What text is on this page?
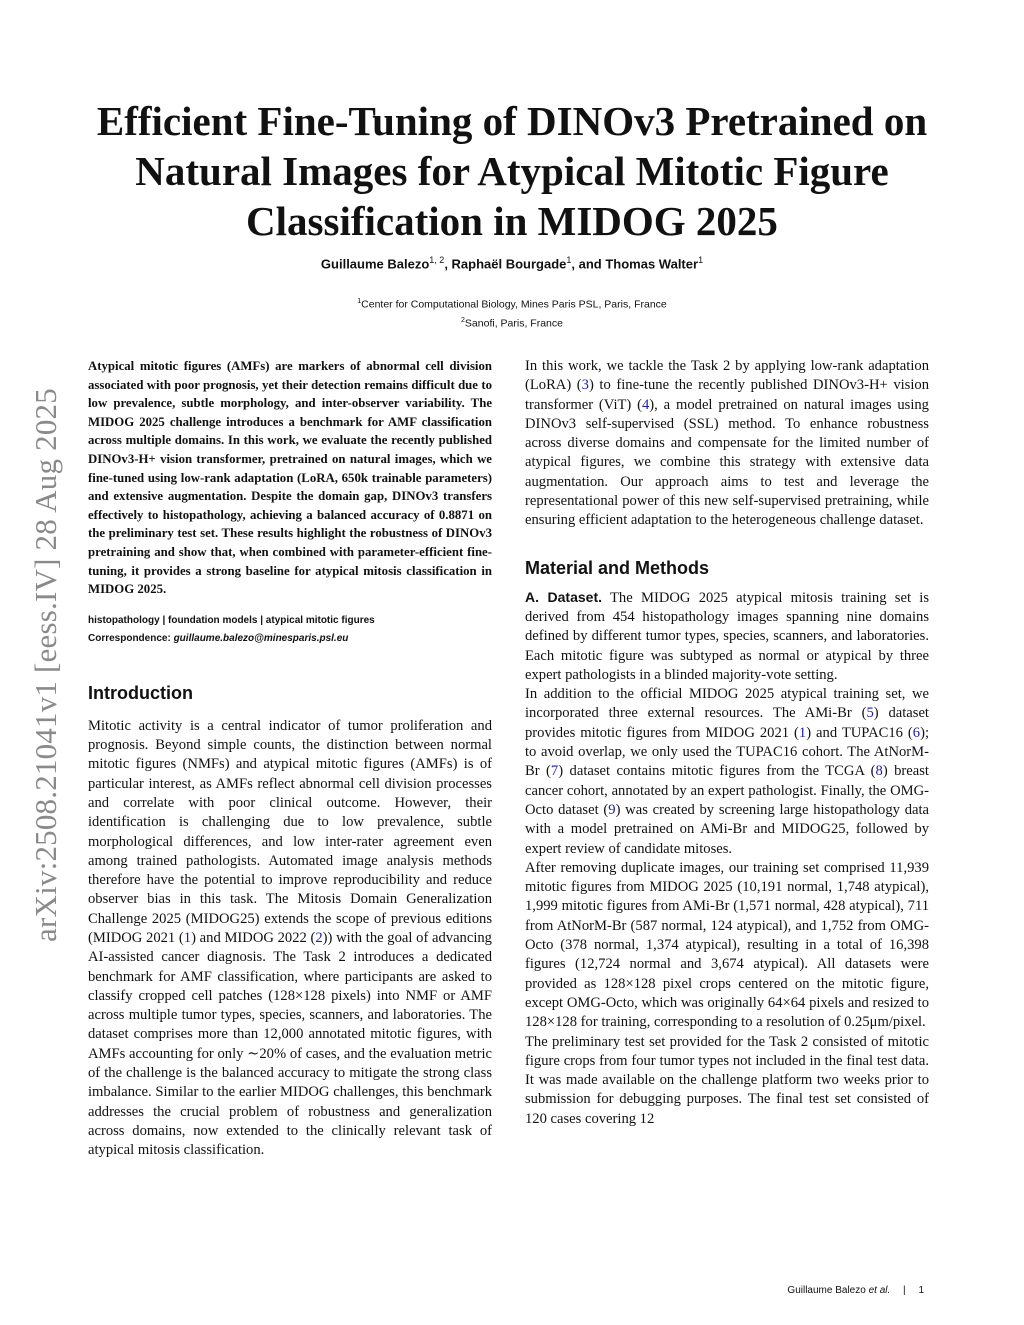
arXiv:2508.21041v1 [eess.IV] 28 Aug 2025
Efficient Fine-Tuning of DINOv3 Pretrained on
Natural Images for Atypical Mitotic Figure
Classification in MIDOG 2025
Guillaume Balezo$^{1, 2}$, Raphaël Bourgade$^1$, and Thomas Walter$^1$
$^1$Center for Computational Biology, Mines Paris PSL, Paris, France
$^2$Sanofi, Paris, France

Atypical mitotic figures (AMFs) are markers of abnormal cell division associated with poor prognosis, yet their detection remains difficult due to low prevalence, subtle morphology, and inter-observer variability. The MIDOG 2025 challenge introduces a benchmark for AMF classification across multiple domains. In this work, we evaluate the recently published DINOv3-H+ vision transformer, pretrained on natural images, which we fine-tuned using low-rank adaptation (LoRA, 650k trainable parameters) and extensive augmentation. Despite the domain gap, DINOv3 transfers effectively to histopathology, achieving a balanced accuracy of 0.8871 on the preliminary test set. These results highlight the robustness of DINOv3 pretraining and show that, when combined with parameter-efficient fine-tuning, it provides a strong baseline for atypical mitosis classification in MIDOG 2025.

histopathology | foundation models | atypical mitotic figures

Correspondence: guillaume.balezo@minesparis.psl.eu

Introduction

Mitotic activity is a central indicator of tumor proliferation and prognosis. Beyond simple counts, the distinction between normal mitotic figures (NMFs) and atypical mitotic figures (AMFs) is of particular interest, as AMFs reflect abnormal cell division processes and correlate with poor clinical outcome. However, their identification is challenging due to low prevalence, subtle morphological differences, and low inter-rater agreement even among trained pathologists. Automated image analysis methods therefore have the potential to improve reproducibility and reduce observer bias in this task. The Mitosis Domain Generalization Challenge 2025 (MIDOG25) extends the scope of previous editions (MIDOG 2021 (1) and MIDOG 2022 (2)) with the goal of advancing AI-assisted cancer diagnosis. The Task 2 introduces a dedicated benchmark for AMF classification, where participants are asked to classify cropped cell patches (128×128 pixels) into NMF or AMF across multiple tumor types, species, scanners, and laboratories. The dataset comprises more than 12,000 annotated mitotic figures, with AMFs accounting for only ∼20% of cases, and the evaluation metric of the challenge is the balanced accuracy to mitigate the strong class imbalance. Similar to the earlier MIDOG challenges, this benchmark addresses the crucial problem of robustness and generalization across domains, now extended to the clinically relevant task of atypical mitosis classification.

In this work, we tackle the Task 2 by applying low-rank adaptation (LoRA) (3) to fine-tune the recently published DINOv3-H+ vision transformer (ViT) (4), a model pretrained on natural images using DINOv3 self-supervised (SSL) method. To enhance robustness across diverse domains and compensate for the limited number of atypical figures, we combine this strategy with extensive data augmentation. Our approach aims to test and leverage the representational power of this new self-supervised pretraining, while ensuring efficient adaptation to the heterogeneous challenge dataset.

Material and Methods

A. Dataset. The MIDOG 2025 atypical mitosis training set is derived from 454 histopathology images spanning nine domains defined by different tumor types, species, scanners, and laboratories. Each mitotic figure was subtyped as normal or atypical by three expert pathologists in a blinded majority-vote setting.

In addition to the official MIDOG 2025 atypical training set, we incorporated three external resources. The AMi-Br (5) dataset provides mitotic figures from MIDOG 2021 (1) and TUPAC16 (6); to avoid overlap, we only used the TUPAC16 cohort. The AtNorM-Br (7) dataset contains mitotic figures from the TCGA (8) breast cancer cohort, annotated by an expert pathologist. Finally, the OMG-Octo dataset (9) was created by screening large histopathology data with a model pretrained on AMi-Br and MIDOG25, followed by expert review of candidate mitoses.

After removing duplicate images, our training set comprised 11,939 mitotic figures from MIDOG 2025 (10,191 normal, 1,748 atypical), 1,999 mitotic figures from AMi-Br (1,571 normal, 428 atypical), 711 from AtNorM-Br (587 normal, 124 atypical), and 1,752 from OMG-Octo (378 normal, 1,374 atypical), resulting in a total of 16,398 figures (12,724 normal and 3,674 atypical). All datasets were provided as 128×128 pixel crops centered on the mitotic figure, except OMG-Octo, which was originally 64×64 pixels and resized to 128×128 for training, corresponding to a resolution of 0.25μm/pixel.

The preliminary test set provided for the Task 2 consisted of mitotic figure crops from four tumor types not included in the final test data. It was made available on the challenge platform two weeks prior to submission for debugging purposes. The final test set consisted of 120 cases covering 12

Guillaume Balezo et al. | 1
